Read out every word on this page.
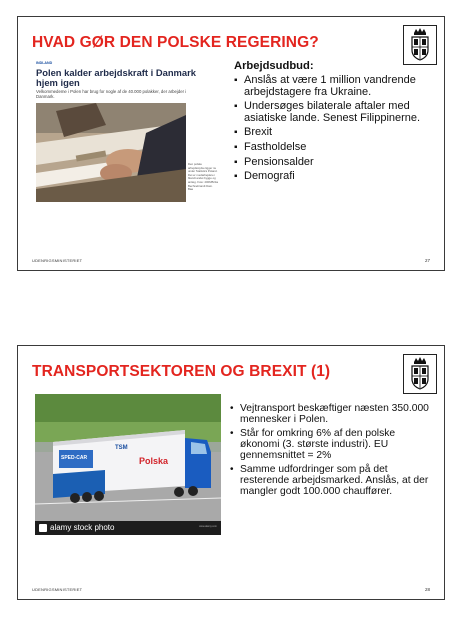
HVAD GØR DEN POLSKE REGERING?
INDLAND
Polen kalder arbejdskraft i Danmark hjem igen
Velkommedeme i Polen har brug for nogle af de 40.000 polakker, der arbejder i Danmark.
Den polske arbejdsstyrke ligger nu under Statistics Poland. Det er medarbejdere i blandt andet bygge og anlæg. Foto: 2006/Britta Bechnebrandt Dam. Baa
Arbejdsudbud:
▪ Anslås at være 1 million vandrende arbejdstagere fra Ukraine.
▪ Undersøges bilaterale aftaler med asiatiske lande. Senest Filippinerne.
▪ Brexit
▪ Fastholdelse
▪ Pensionsalder
▪ Demografi
UDENRIGSMINISTERIET	27
TRANSPORTSEKTOREN OG BREXIT (1)
SPED-CAR
TSM
Polska
alamy stock photo	www.alamy.com
• Vejtransport beskæftiger næsten 350.000 mennesker i Polen.
• Står for omkring 6% af den polske økonomi (3. største industri). EU gennemsnittet = 2%
• Samme udfordringer som på det resterende arbejdsmarked. Anslås, at der mangler godt 100.000 chauffører.
UDENRIGSMINISTERIET	28
